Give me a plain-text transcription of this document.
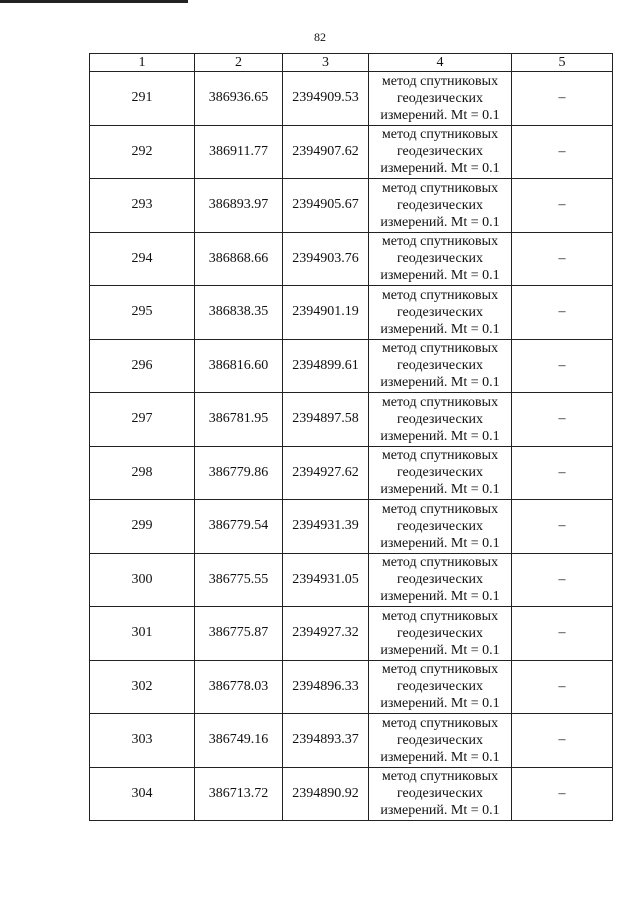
82
1	2	3	4	5
291	386936.65	2394909.53	метод спутниковых
геодезических
измерений. Mt = 0.1	–
292	386911.77	2394907.62	метод спутниковых
геодезических
измерений. Mt = 0.1	–
293	386893.97	2394905.67	метод спутниковых
геодезических
измерений. Mt = 0.1	–
294	386868.66	2394903.76	метод спутниковых
геодезических
измерений. Mt = 0.1	–
295	386838.35	2394901.19	метод спутниковых
геодезических
измерений. Mt = 0.1	–
296	386816.60	2394899.61	метод спутниковых
геодезических
измерений. Mt = 0.1	–
297	386781.95	2394897.58	метод спутниковых
геодезических
измерений. Mt = 0.1	–
298	386779.86	2394927.62	метод спутниковых
геодезических
измерений. Mt = 0.1	–
299	386779.54	2394931.39	метод спутниковых
геодезических
измерений. Mt = 0.1	–
300	386775.55	2394931.05	метод спутниковых
геодезических
измерений. Mt = 0.1	–
301	386775.87	2394927.32	метод спутниковых
геодезических
измерений. Mt = 0.1	–
302	386778.03	2394896.33	метод спутниковых
геодезических
измерений. Mt = 0.1	–
303	386749.16	2394893.37	метод спутниковых
геодезических
измерений. Mt = 0.1	–
304	386713.72	2394890.92	метод спутниковых
геодезических
измерений. Mt = 0.1	–
